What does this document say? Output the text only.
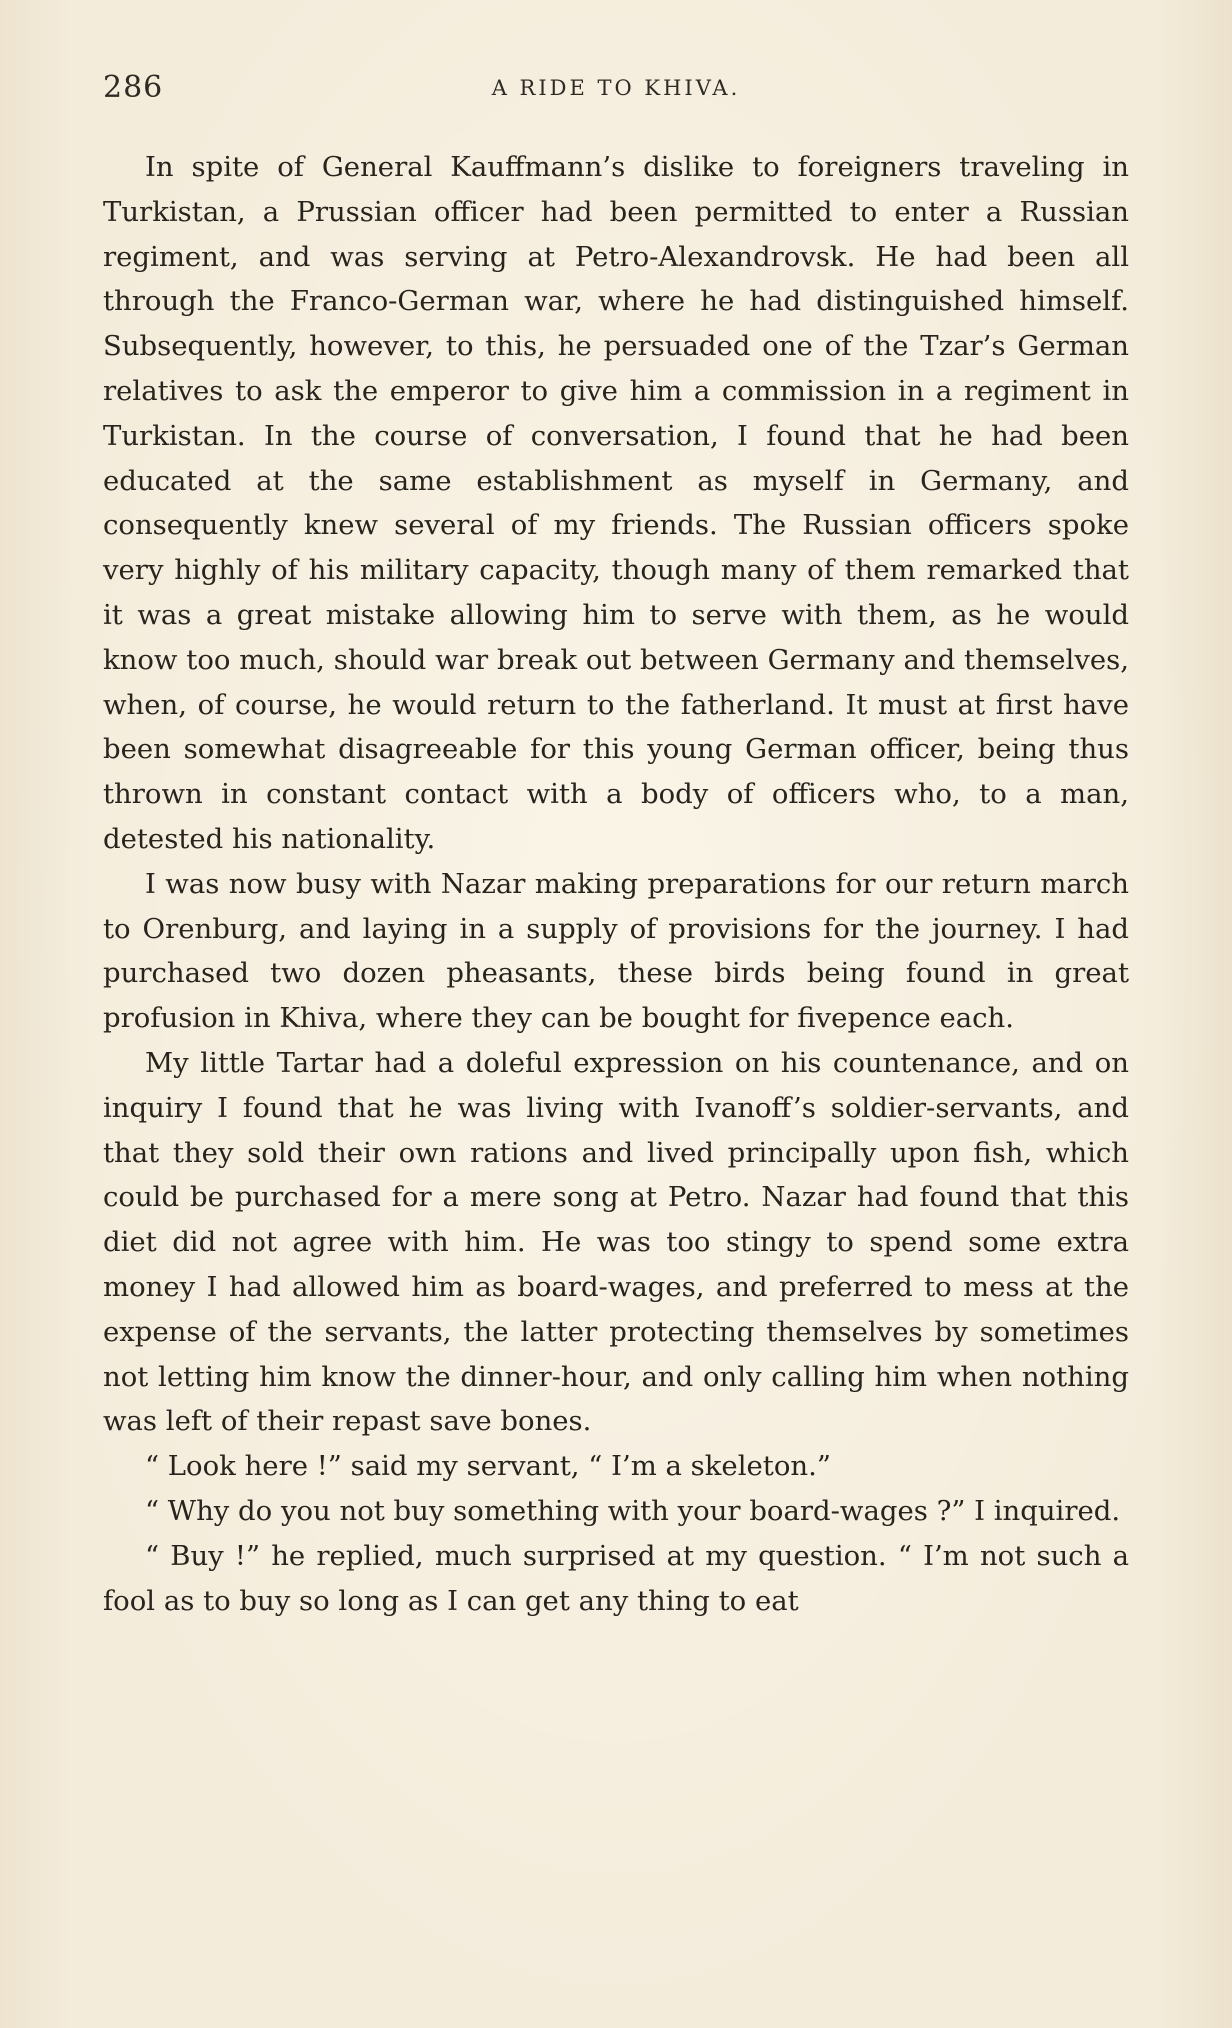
286	A RIDE TO KHIVA.

In spite of General Kauffmann’s dislike to foreigners traveling in Turkistan, a Prussian officer had been permitted to enter a Russian regiment, and was serving at Petro-Alexandrovsk. He had been all through the Franco-German war, where he had distinguished himself. Subsequently, however, to this, he persuaded one of the Tzar’s German relatives to ask the emperor to give him a commission in a regiment in Turkistan. In the course of conversation, I found that he had been educated at the same establishment as myself in Germany, and consequently knew several of my friends. The Russian officers spoke very highly of his military capacity, though many of them remarked that it was a great mistake allowing him to serve with them, as he would know too much, should war break out between Germany and themselves, when, of course, he would return to the fatherland. It must at first have been somewhat disagreeable for this young German officer, being thus thrown in constant contact with a body of officers who, to a man, detested his nationality.

I was now busy with Nazar making preparations for our return march to Orenburg, and laying in a supply of provisions for the journey. I had purchased two dozen pheasants, these birds being found in great profusion in Khiva, where they can be bought for fivepence each.

My little Tartar had a doleful expression on his countenance, and on inquiry I found that he was living with Ivanoff’s soldier-servants, and that they sold their own rations and lived principally upon fish, which could be purchased for a mere song at Petro. Nazar had found that this diet did not agree with him. He was too stingy to spend some extra money I had allowed him as board-wages, and preferred to mess at the expense of the servants, the latter protecting themselves by sometimes not letting him know the dinner-hour, and only calling him when nothing was left of their repast save bones.

“ Look here !” said my servant, “ I’m a skeleton.”

“ Why do you not buy something with your board-wages ?” I inquired.

“ Buy !” he replied, much surprised at my question. “ I’m not such a fool as to buy so long as I can get any thing to eat
